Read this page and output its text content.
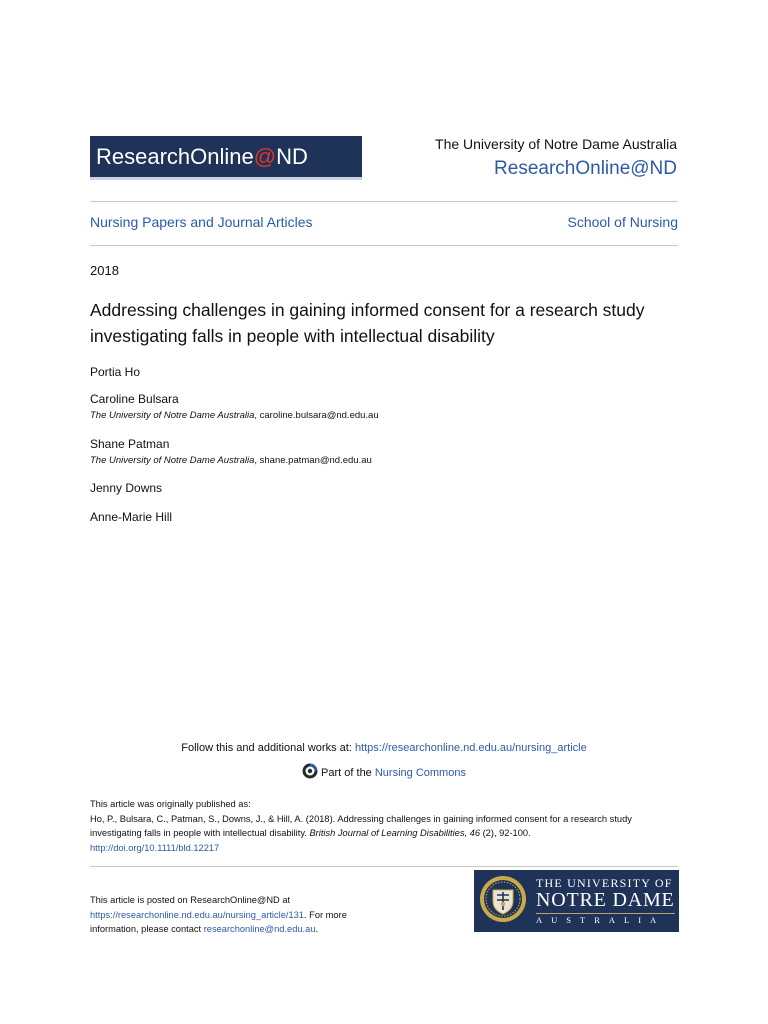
ResearchOnline@ND	The University of Notre Dame Australia
ResearchOnline@ND
Nursing Papers and Journal Articles	School of Nursing
2018
Addressing challenges in gaining informed consent for a research study investigating falls in people with intellectual disability
Portia Ho
Caroline Bulsara
The University of Notre Dame Australia, caroline.bulsara@nd.edu.au
Shane Patman
The University of Notre Dame Australia, shane.patman@nd.edu.au
Jenny Downs
Anne-Marie Hill
Follow this and additional works at: https://researchonline.nd.edu.au/nursing_article
Part of the Nursing Commons
This article was originally published as:
Ho, P., Bulsara, C., Patman, S., Downs, J., & Hill, A. (2018). Addressing challenges in gaining informed consent for a research study investigating falls in people with intellectual disability. British Journal of Learning Disabilities, 46 (2), 92-100.
http://doi.org/10.1111/bld.12217
This article is posted on ResearchOnline@ND at
https://researchonline.nd.edu.au/nursing_article/131. For more information, please contact researchonline@nd.edu.au.
THE UNIVERSITY OF
NOTRE DAME
AUSTRALIA
